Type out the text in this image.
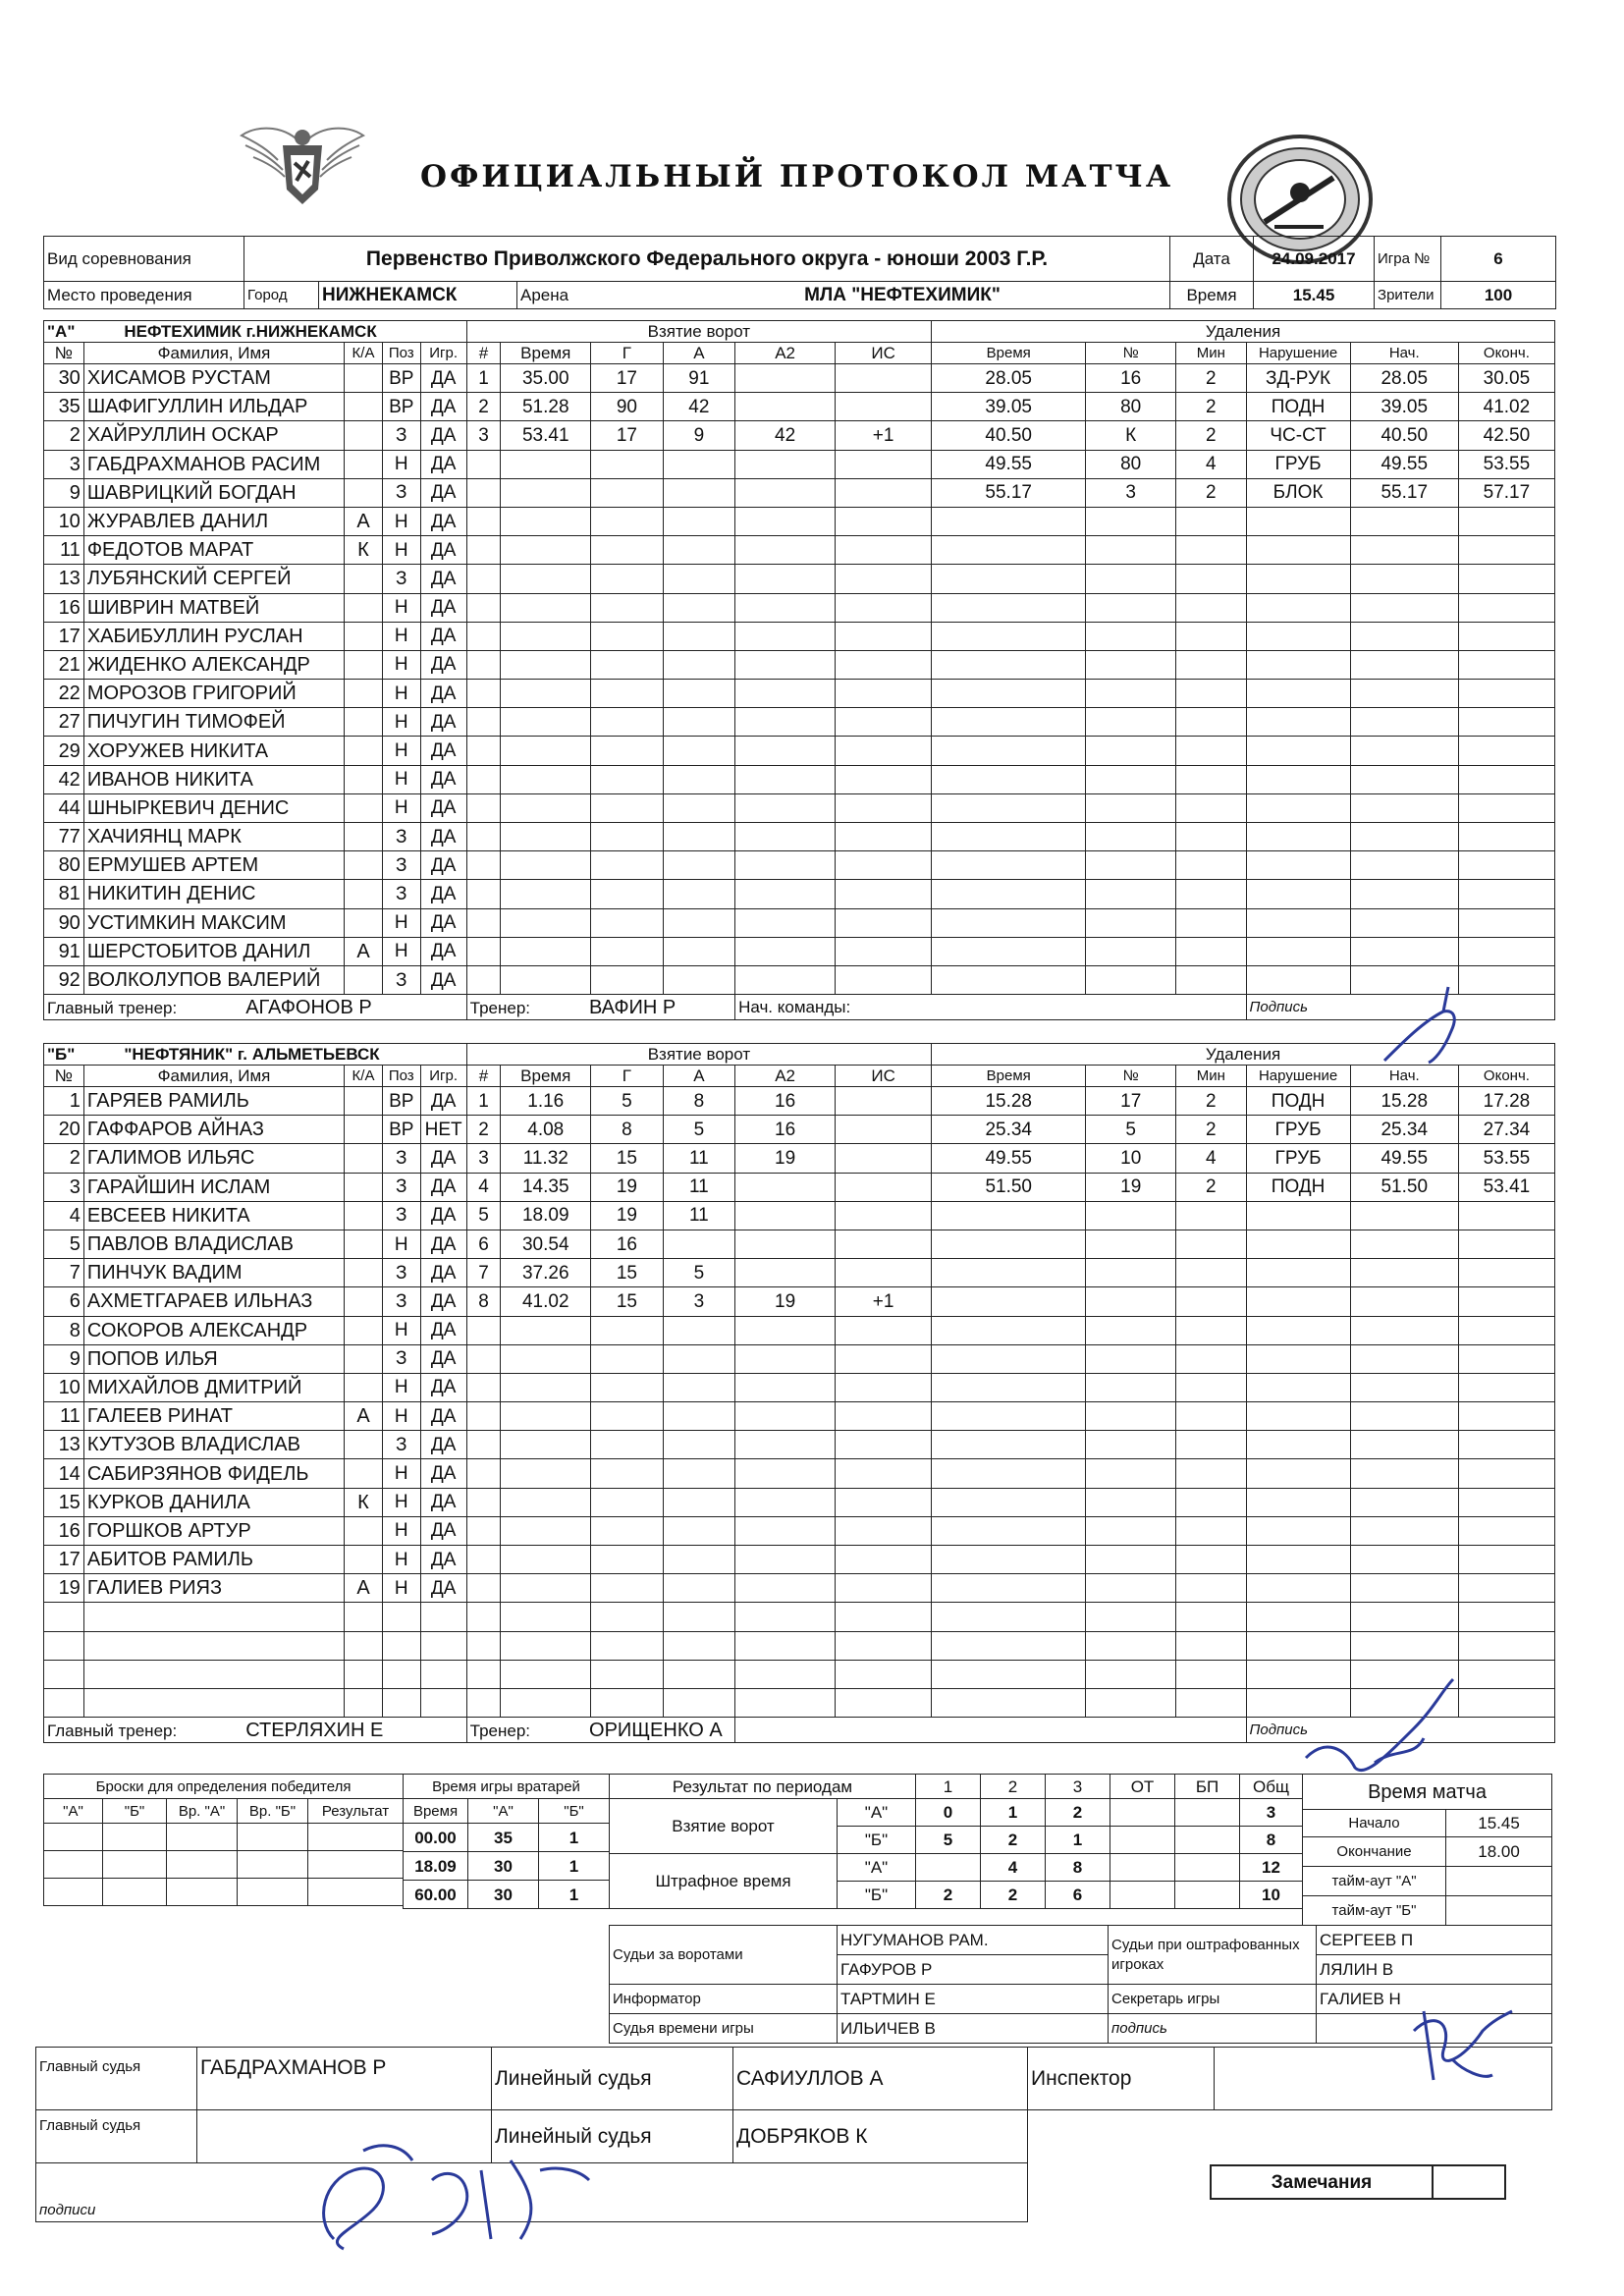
ОФИЦИАЛЬНЫЙ ПРОТОКОЛ МАТЧА
Вид соревнования	Первенство Приволжского Федерального округа - юноши 2003 Г.Р.			Дата	24.09.2017	Игра №	6
Место проведения	Город	НИЖНЕКАМСК	Арена МЛА "НЕФТЕХИМИК"	Время	15.45	Зрители	100
"А" НЕФТЕХИМИК г.НИЖНЕКАМСК					Взятие ворот						Удаления					
№	Фамилия, Имя	К/А	Поз	Игр.	#	Время	Г	А	А2	ИС	Время	№	Мин	Нарушение	Нач.	Оконч.
30	ХИСАМОВ РУСТАМ		ВР	ДА	1	35.00	17	91			28.05	16	2	ЗД-РУК	28.05	30.05
35	ШАФИГУЛЛИН ИЛЬДАР		ВР	ДА	2	51.28	90	42			39.05	80	2	ПОДН	39.05	41.02
2	ХАЙРУЛЛИН ОСКАР		З	ДА	3	53.41	17	9	42	+1	40.50	К	2	ЧС-СТ	40.50	42.50
3	ГАБДРАХМАНОВ РАСИМ		Н	ДА							49.55	80	4	ГРУБ	49.55	53.55
9	ШАВРИЦКИЙ БОГДАН		З	ДА							55.17	3	2	БЛОК	55.17	57.17
10	ЖУРАВЛЕВ ДАНИЛ	А	Н	ДА												
11	ФЕДОТОВ МАРАТ	К	Н	ДА												
13	ЛУБЯНСКИЙ СЕРГЕЙ		З	ДА												
16	ШИВРИН МАТВЕЙ		Н	ДА												
17	ХАБИБУЛЛИН РУСЛАН		Н	ДА												
21	ЖИДЕНКО АЛЕКСАНДР		Н	ДА												
22	МОРОЗОВ ГРИГОРИЙ		Н	ДА												
27	ПИЧУГИН ТИМОФЕЙ		Н	ДА												
29	ХОРУЖЕВ НИКИТА		Н	ДА												
42	ИВАНОВ НИКИТА		Н	ДА												
44	ШНЫРКЕВИЧ ДЕНИС		Н	ДА												
77	ХАЧИЯНЦ МАРК		З	ДА												
80	ЕРМУШЕВ АРТЕМ		З	ДА												
81	НИКИТИН ДЕНИС		З	ДА												
90	УСТИМКИН МАКСИМ		Н	ДА												
91	ШЕРСТОБИТОВ ДАНИЛ	А	Н	ДА												
92	ВОЛКОЛУПОВ ВАЛЕРИЙ		З	ДА												
Главный тренер: АГАФОНОВ Р					Тренер: ВАФИН Р				Нач. команды:					Подпись		
"Б" "НЕФТЯНИК" г. АЛЬМЕТЬЕВСК					Взятие ворот						Удаления					
№	Фамилия, Имя	К/А	Поз	Игр.	#	Время	Г	А	А2	ИС	Время	№	Мин	Нарушение	Нач.	Оконч.
1	ГАРЯЕВ РАМИЛЬ		ВР	ДА	1	1.16	5	8	16		15.28	17	2	ПОДН	15.28	17.28
20	ГАФФАРОВ АЙНАЗ		ВР	НЕТ	2	4.08	8	5	16		25.34	5	2	ГРУБ	25.34	27.34
2	ГАЛИМОВ ИЛЬЯС		З	ДА	3	11.32	15	11	19		49.55	10	4	ГРУБ	49.55	53.55
3	ГАРАЙШИН ИСЛАМ		З	ДА	4	14.35	19	11			51.50	19	2	ПОДН	51.50	53.41
4	ЕВСЕЕВ НИКИТА		З	ДА	5	18.09	19	11								
5	ПАВЛОВ ВЛАДИСЛАВ		Н	ДА	6	30.54	16									
7	ПИНЧУК ВАДИМ		З	ДА	7	37.26	15	5								
6	АХМЕТГАРАЕВ ИЛЬНАЗ		З	ДА	8	41.02	15	3	19	+1						
8	СОКОРОВ АЛЕКСАНДР		Н	ДА												
9	ПОПОВ ИЛЬЯ		З	ДА												
10	МИХАЙЛОВ ДМИТРИЙ		Н	ДА												
11	ГАЛЕЕВ РИНАТ	А	Н	ДА												
13	КУТУЗОВ ВЛАДИСЛАВ		З	ДА												
14	САБИРЗЯНОВ ФИДЕЛЬ		Н	ДА												
15	КУРКОВ ДАНИЛА	К	Н	ДА												
16	ГОРШКОВ АРТУР		Н	ДА												
17	АБИТОВ РАМИЛЬ		Н	ДА												
19	ГАЛИЕВ РИЯЗ	А	Н	ДА												

Главный тренер: СТЕРЛЯХИН Е					Тренер: ОРИЩЕНКО А									Подпись		
Броски для определения победителя				
"А"	"Б"	Вр. "А"	Вр. "Б"	Результат

Время игры вратарей		
Время	"А"	"Б"
00.00	35	1
18.09	30	1
60.00	30	1
Результат по периодам		1	2	3	ОТ	БП	Общ
Взятие ворот	"А"	0	1	2			3
	"Б"	5	2	1			8
Штрафное время	"А"		4	8			12
	"Б"	2	2	6			10
Время матча	
Начало	15.45
Окончание	18.00
тайм-аут "А"	
тайм-аут "Б"	
Судьи за воротами	НУГУМАНОВ РАМ.	Судьи при оштрафованных игроках	СЕРГЕЕВ П
	ГАФУРОВ Р		ЛЯЛИН В
Информатор	ТАРТМИН Е	Секретарь игры	ГАЛИЕВ Н
Судья времени игры	ИЛЬИЧЕВ В	подпись	
Главный судья	ГАБДРАХМАНОВ Р	Линейный судья	САФИУЛЛОВ А
Главный судья		Линейный судья	ДОБРЯКОВ К
подписи			
Инспектор	
Замечания	
